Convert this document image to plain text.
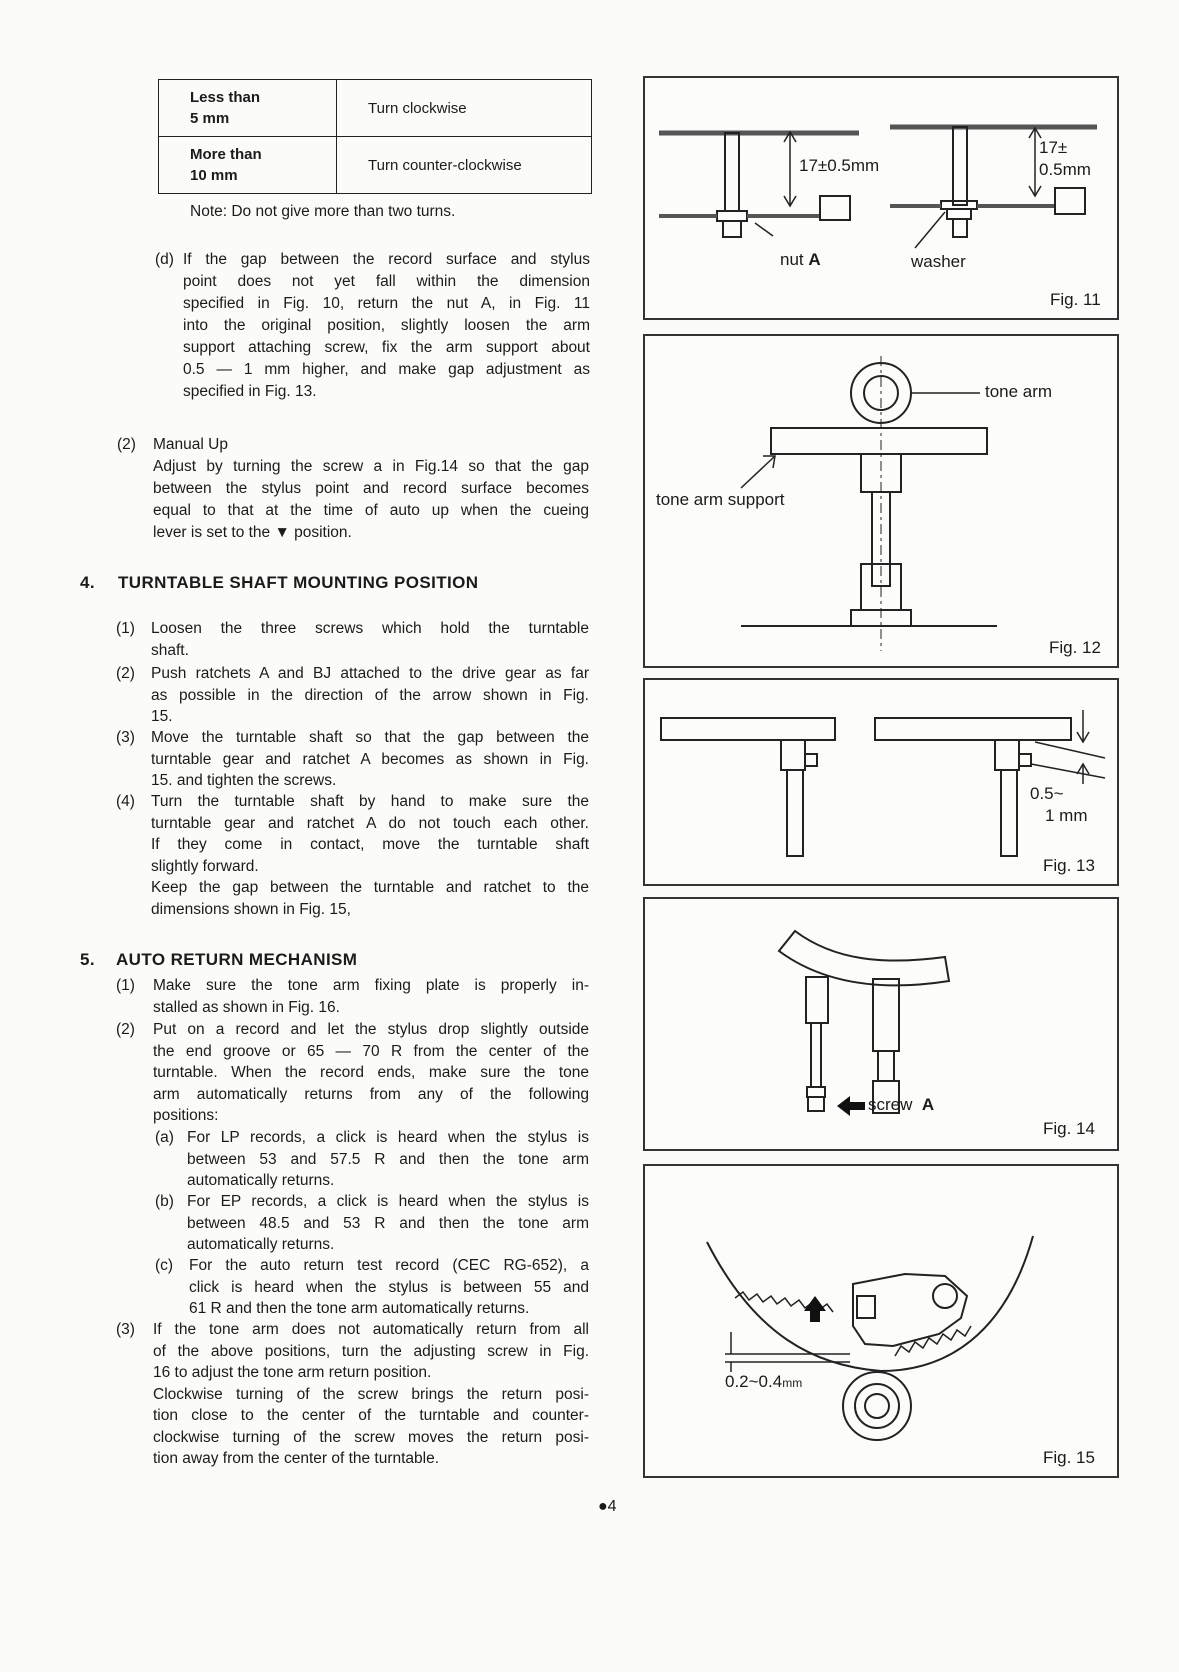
Less than
5 mm	Turn clockwise

More than
10 mm	Turn counter-clockwise
Note: Do not give more than two turns.
(d) If the gap between the record surface and stylus
point does not yet fall within the dimension
specified in Fig. 10, return the nut A, in Fig. 11
into the original position, slightly loosen the arm
support attaching screw, fix the arm support about
0.5 — 1 mm higher, and make gap adjustment as
specified in Fig. 13.
(2) Manual Up
Adjust by turning the screw a in Fig.14 so that the gap
between the stylus point and record surface becomes
equal to that at the time of auto up when the cueing
lever is set to the ▼ position.
4. TURNTABLE SHAFT MOUNTING POSITION
(1) Loosen the three screws which hold the turntable
shaft.
(2) Push ratchets A and BJ attached to the drive gear as far
as possible in the direction of the arrow shown in Fig.
15.
(3) Move the turntable shaft so that the gap between the
turntable gear and ratchet A becomes as shown in Fig.
15. and tighten the screws.
(4) Turn the turntable shaft by hand to make sure the
turntable gear and ratchet A do not touch each other.
If they come in contact, move the turntable shaft
slightly forward.
Keep the gap between the turntable and ratchet to the
dimensions shown in Fig. 15,
5. AUTO RETURN MECHANISM
(1) Make sure the tone arm fixing plate is properly in-
stalled as shown in Fig. 16.
(2) Put on a record and let the stylus drop slightly outside
the end groove or 65 — 70 R from the center of the
turntable. When the record ends, make sure the tone
arm automatically returns from any of the following
positions:
(a) For LP records, a click is heard when the stylus is
between 53 and 57.5 R and then the tone arm
automatically returns.
(b) For EP records, a click is heard when the stylus is
between 48.5 and 53 R and then the tone arm
automatically returns.
(c) For the auto return test record (CEC RG-652), a
click is heard when the stylus is between 55 and
61 R and then the tone arm automatically returns.
(3) If the tone arm does not automatically return from all
of the above positions, turn the adjusting screw in Fig.
16 to adjust the tone arm return position.
Clockwise turning of the screw brings the return posi-
tion close to the center of the turntable and counter-
clockwise turning of the screw moves the return posi-
tion away from the center of the turntable.
●4
17±0.5mm
17±
0.5mm
nut A	washer
Fig. 11
tone arm
tone arm support
Fig. 12
0.5~
1 mm
Fig. 13
screw A
Fig. 14
0.2~0.4mm
Fig. 15
